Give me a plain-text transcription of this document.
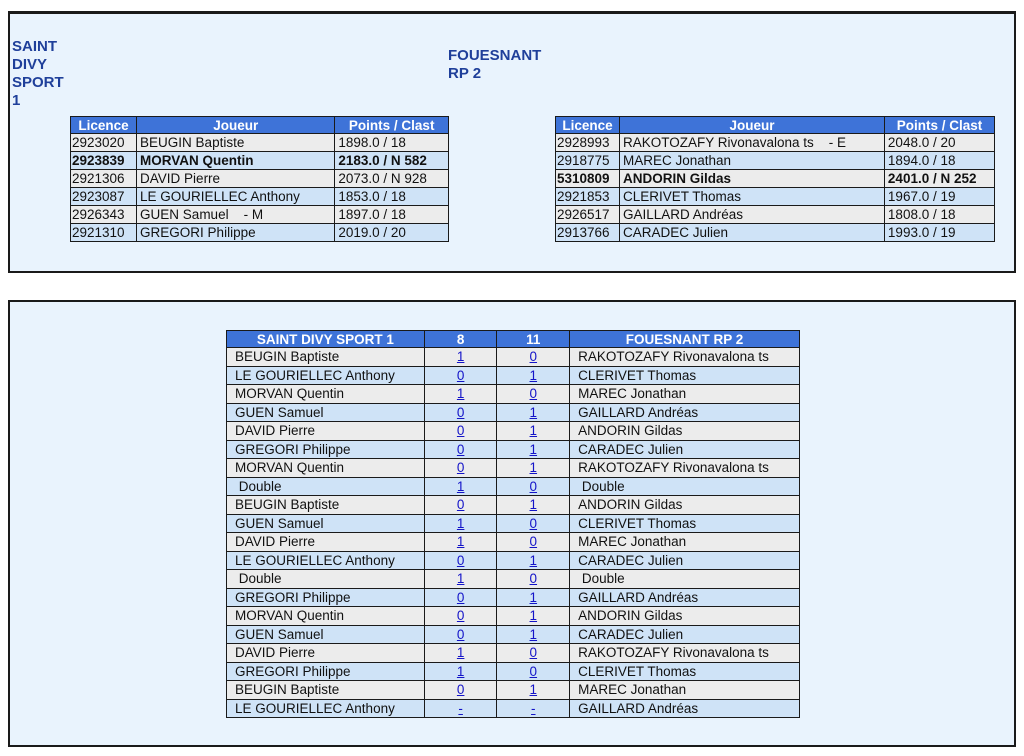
SAINT
DIVY
SPORT
1
FOUESNANT
RP 2
Licence	Joueur	Points / Clast
2923020	BEUGIN Baptiste	1898.0 / 18
2923839	MORVAN Quentin	2183.0 / N 582
2921306	DAVID Pierre	2073.0 / N 928
2923087	LE GOURIELLEC Anthony	1853.0 / 18
2926343	GUEN Samuel    - M	1897.0 / 18
2921310	GREGORI Philippe	2019.0 / 20
Licence	Joueur	Points / Clast
2928993	RAKOTOZAFY Rivonavalona ts    - E	2048.0 / 20
2918775	MAREC Jonathan	1894.0 / 18
5310809	ANDORIN Gildas	2401.0 / N 252
2921853	CLERIVET Thomas	1967.0 / 19
2926517	GAILLARD Andréas	1808.0 / 18
2913766	CARADEC Julien	1993.0 / 19
SAINT DIVY SPORT 1	8	11	FOUESNANT RP 2
BEUGIN Baptiste	1	0	RAKOTOZAFY Rivonavalona ts
LE GOURIELLEC Anthony	0	1	CLERIVET Thomas
MORVAN Quentin	1	0	MAREC Jonathan
GUEN Samuel	0	1	GAILLARD Andréas
DAVID Pierre	0	1	ANDORIN Gildas
GREGORI Philippe	0	1	CARADEC Julien
MORVAN Quentin	0	1	RAKOTOZAFY Rivonavalona ts
Double	1	0	Double
BEUGIN Baptiste	0	1	ANDORIN Gildas
GUEN Samuel	1	0	CLERIVET Thomas
DAVID Pierre	1	0	MAREC Jonathan
LE GOURIELLEC Anthony	0	1	CARADEC Julien
Double	1	0	Double
GREGORI Philippe	0	1	GAILLARD Andréas
MORVAN Quentin	0	1	ANDORIN Gildas
GUEN Samuel	0	1	CARADEC Julien
DAVID Pierre	1	0	RAKOTOZAFY Rivonavalona ts
GREGORI Philippe	1	0	CLERIVET Thomas
BEUGIN Baptiste	0	1	MAREC Jonathan
LE GOURIELLEC Anthony	-	-	GAILLARD Andréas
